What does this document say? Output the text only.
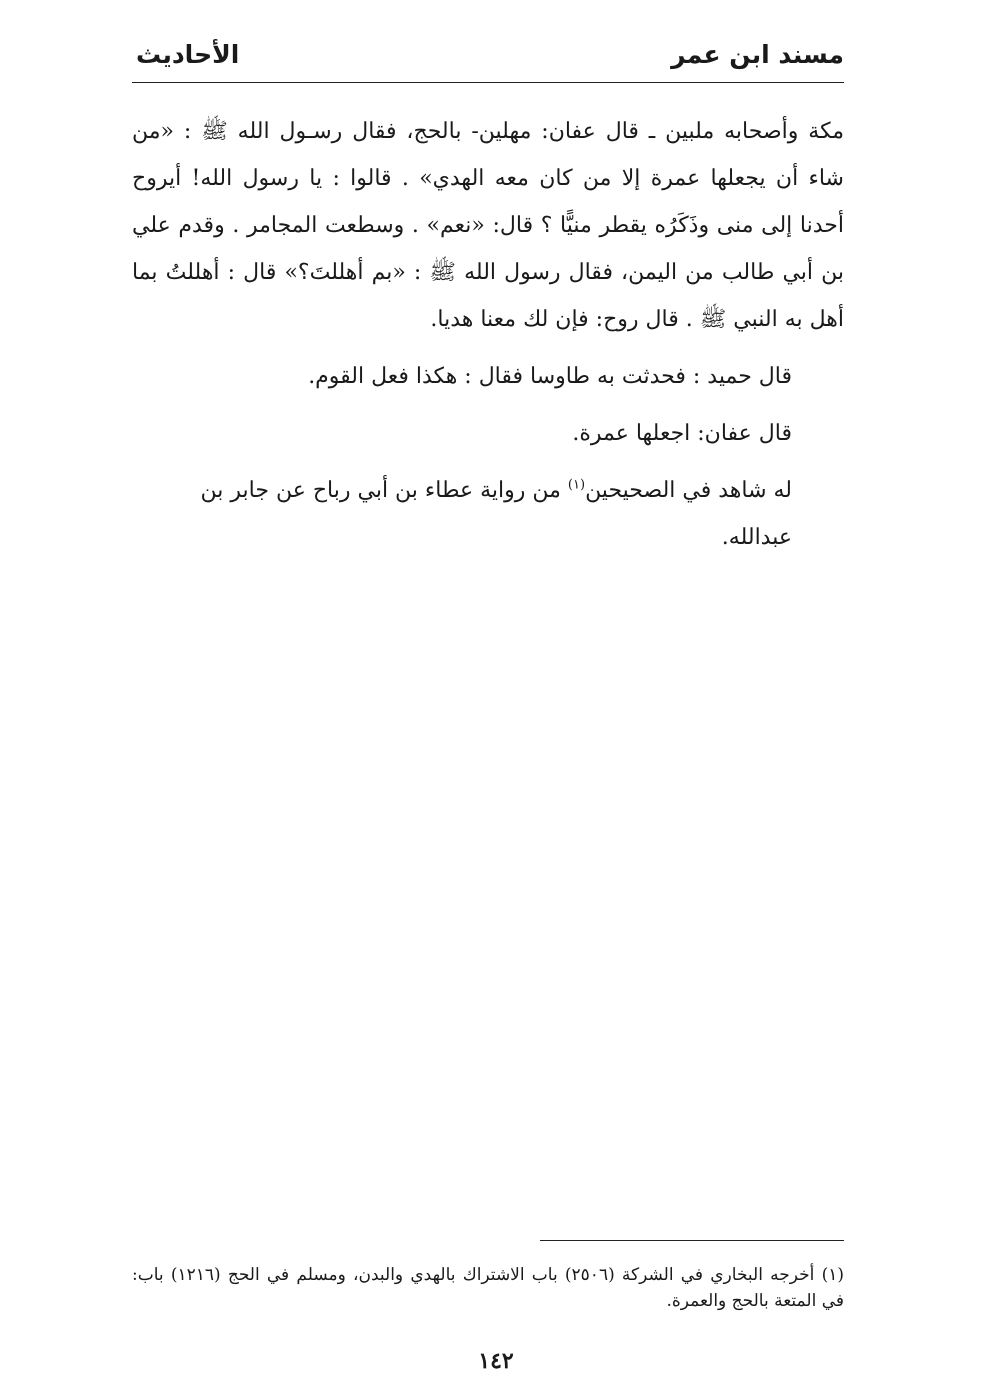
مسند ابن عمر
الأحاديث

مكة وأصحابه ملبين ـ قال عفان: مهلين- بالحج، فقال رسـول الله ﷺ : «من شاء أن يجعلها عمرة إلا من كان معه الهدي» . قالوا : يا رسول الله! أيروح أحدنا إلى منى وذَكَرُه يقطر منيًّا ؟ قال: «نعم» . وسطعت المجامر . وقدم علي بن أبي طالب من اليمن، فقال رسول الله ﷺ : «بم أهللتَ؟» قال : أهللتُ بما أهل به النبي ﷺ . قال روح: فإن لك معنا هديا.

قال حميد : فحدثت به طاوسا فقال : هكذا فعل القوم.

قال عفان: اجعلها عمرة.

له شاهد في الصحيحين$^{(١)}$ من رواية عطاء بن أبي رباح عن جابر بن عبدالله.

(١) أخرجه البخاري في الشركة (٢٥٠٦) باب الاشتراك بالهدي والبدن، ومسلم في الحج (١٢١٦) باب: في المتعة بالحج والعمرة.
١٤٢
